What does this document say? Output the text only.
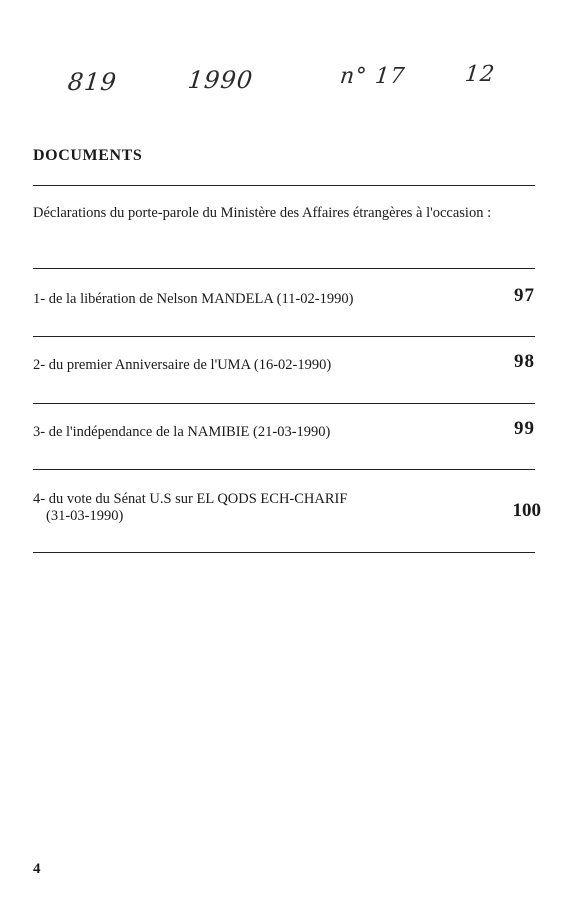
819	1990	n° 17	12
DOCUMENTS
Déclarations du porte-parole du Ministère des Affaires étrangères à l'occasion :
1- de la libération de Nelson MANDELA (11-02-1990)	97
2- du premier Anniversaire de l'UMA (16-02-1990)	98
3- de l'indépendance de la NAMIBIE (21-03-1990)	99
4- du vote du Sénat U.S sur EL QODS ECH-CHARIF
(31-03-1990)	100
4
